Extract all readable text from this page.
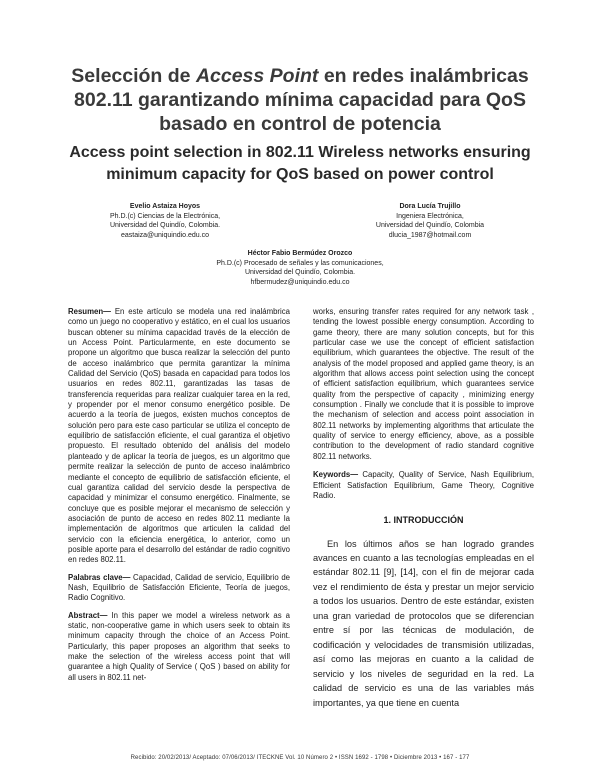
Selección de Access Point en redes inalámbricas
802.11 garantizando mínima capacidad para QoS
basado en control de potencia
Access point selection in 802.11 Wireless networks ensuring
minimum capacity for QoS based on power control
Evelio Astaiza Hoyos
Ph.D.(c) Ciencias de la Electrónica,
Universidad del Quindío, Colombia.
eastaiza@uniquindio.edu.co
Dora Lucía Trujillo
Ingeniera Electrónica,
Universidad del Quindío, Colombia
dlucia_1987@hotmail.com
Héctor Fabio Bermúdez Orozco
Ph.D.(c) Procesado de señales y las comunicaciones,
Universidad del Quindío, Colombia.
hfbermudez@uniquindio.edu.co

Resumen— En este artículo se modela una red inalámbrica como un juego no cooperativo y estático, en el cual los usuarios buscan obtener su mínima capacidad través de la elección de un Access Point. Particularmente, en este documento se propone un algoritmo que busca realizar la selección del punto de acceso inalámbrico que permita garantizar la mínima Calidad del Servicio (QoS) basada en capacidad para todos los usuarios en redes 802.11, garantizadas las tasas de transferencia requeridas para realizar cualquier tarea en la red, y propender por el menor consumo energético posible. De acuerdo a la teoría de juegos, existen muchos conceptos de solución pero para este caso particular se utiliza el concepto de equilibrio de satisfacción eficiente, el cual garantiza el objetivo propuesto. El resultado obtenido del análisis del modelo planteado y de aplicar la teoría de juegos, es un algoritmo que permite realizar la selección de punto de acceso inalámbrico mediante el concepto de equilibrio de satisfacción eficiente, el cual garantiza calidad del servicio desde la perspectiva de capacidad y minimizar el consumo energético. Finalmente, se concluye que es posible mejorar el mecanismo de selección y asociación de punto de acceso en redes 802.11 mediante la implementación de algoritmos que articulen la calidad del servicio con la eficiencia energética, lo anterior, como un posible aporte para el desarrollo del estándar de radio cognitivo en redes 802.11.

Palabras clave— Capacidad, Calidad de servicio, Equilibrio de Nash, Equilibrio de Satisfacción Eficiente, Teoría de juegos, Radio Cognitivo.

Abstract— In this paper we model a wireless network as a static, non-cooperative game in which users seek to obtain its minimum capacity through the choice of an Access Point. Particularly, this paper proposes an algorithm that seeks to make the selection of the wireless access point that will guarantee a high Quality of Service ( QoS ) based on ability for all users in 802.11 net-

works, ensuring transfer rates required for any network task , tending the lowest possible energy consumption. According to game theory, there are many solution concepts, but for this particular case we use the concept of efficient satisfaction equilibrium, which guarantees the objective. The result of the analysis of the model proposed and applied game theory, is an algorithm that allows access point selection using the concept of efficient satisfaction equilibrium, which guarantees service quality from the perspective of capacity , minimizing energy consumption . Finally we conclude that it is possible to improve the mechanism of selection and access point association in 802.11 networks by implementing algorithms that articulate the quality of service to energy efficiency, above, as a possible contribution to the development of radio standard cognitive 802.11 networks.

Keywords— Capacity, Quality of Service, Nash Equilibrium, Efficient Satisfaction Equilibrium, Game Theory, Cognitive Radio.

1. INTRODUCCIÓN

En los últimos años se han logrado grandes avances en cuanto a las tecnologías empleadas en el estándar 802.11 [9], [14], con el fin de mejorar cada vez el rendimiento de ésta y prestar un mejor servicio a todos los usuarios. Dentro de este estándar, existen una gran variedad de protocolos que se diferencian entre sí por las técnicas de modulación, de codificación y velocidades de transmisión utilizadas, así como las mejoras en cuanto a la calidad de servicio y los niveles de seguridad en la red. La calidad de servicio es una de las variables más importantes, ya que tiene en cuenta

Recibido: 20/02/2013/ Aceptado: 07/06/2013/ ITECKNE Vol. 10 Número 2 • ISSN 1692 - 1798 • Diciembre 2013 • 167 - 177
